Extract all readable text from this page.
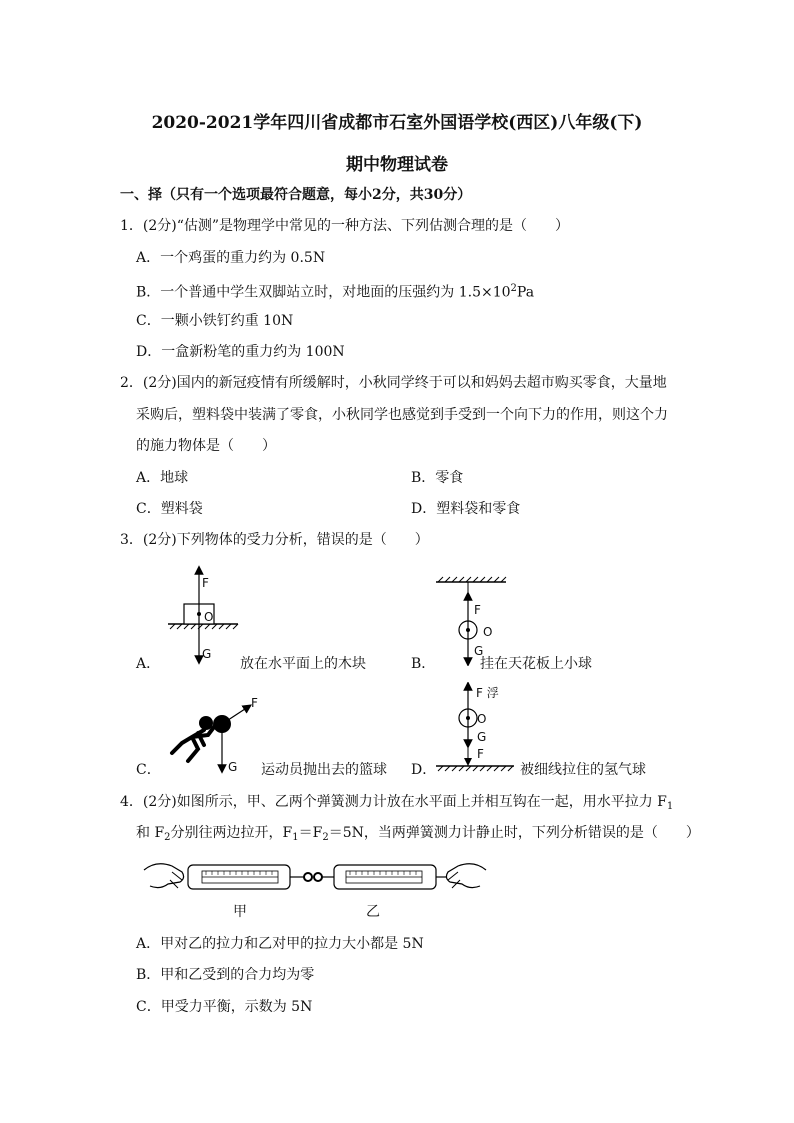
2020-2021学年四川省成都市石室外国语学校(西区)八年级(下)
期中物理试卷
一、择（只有一个选项最符合题意，每小2分，共30分）
1．(2分)“估测”是物理学中常见的一种方法、下列估测合理的是（　　）
A．一个鸡蛋的重力约为 0.5N
B．一个普通中学生双脚站立时，对地面的压强约为 $1.5\times 10^2Pa$
C．一颗小铁钉约重 10N
D．一盒新粉笔的重力约为 100N
2．(2分)国内的新冠疫情有所缓解时，小秋同学终于可以和妈妈去超市购买零食，大量地
采购后，塑料袋中装满了零食，小秋同学也感觉到手受到一个向下力的作用，则这个力
的施力物体是（　　）
A．地球	B．零食
C．塑料袋	D．塑料袋和零食
3．(2分)下列物体的受力分析，错误的是（　　）
F
O
G
A．	放在水平面上的木块
F
O
G
B．	挂在天花板上小球
F
G
C．	运动员抛出去的篮球
F 浮
O
G
F
D．	被细线拉住的氢气球
4．(2分)如图所示，甲、乙两个弹簧测力计放在水平面上并相互钩在一起，用水平拉力 $F_1$
和 $F_2$分别往两边拉开，$F_1=F_2=5N$，当两弹簧测力计静止时，下列分析错误的是（　　）
甲	乙
A．甲对乙的拉力和乙对甲的拉力大小都是 5N
B．甲和乙受到的合力均为零
C．甲受力平衡，示数为 5N
